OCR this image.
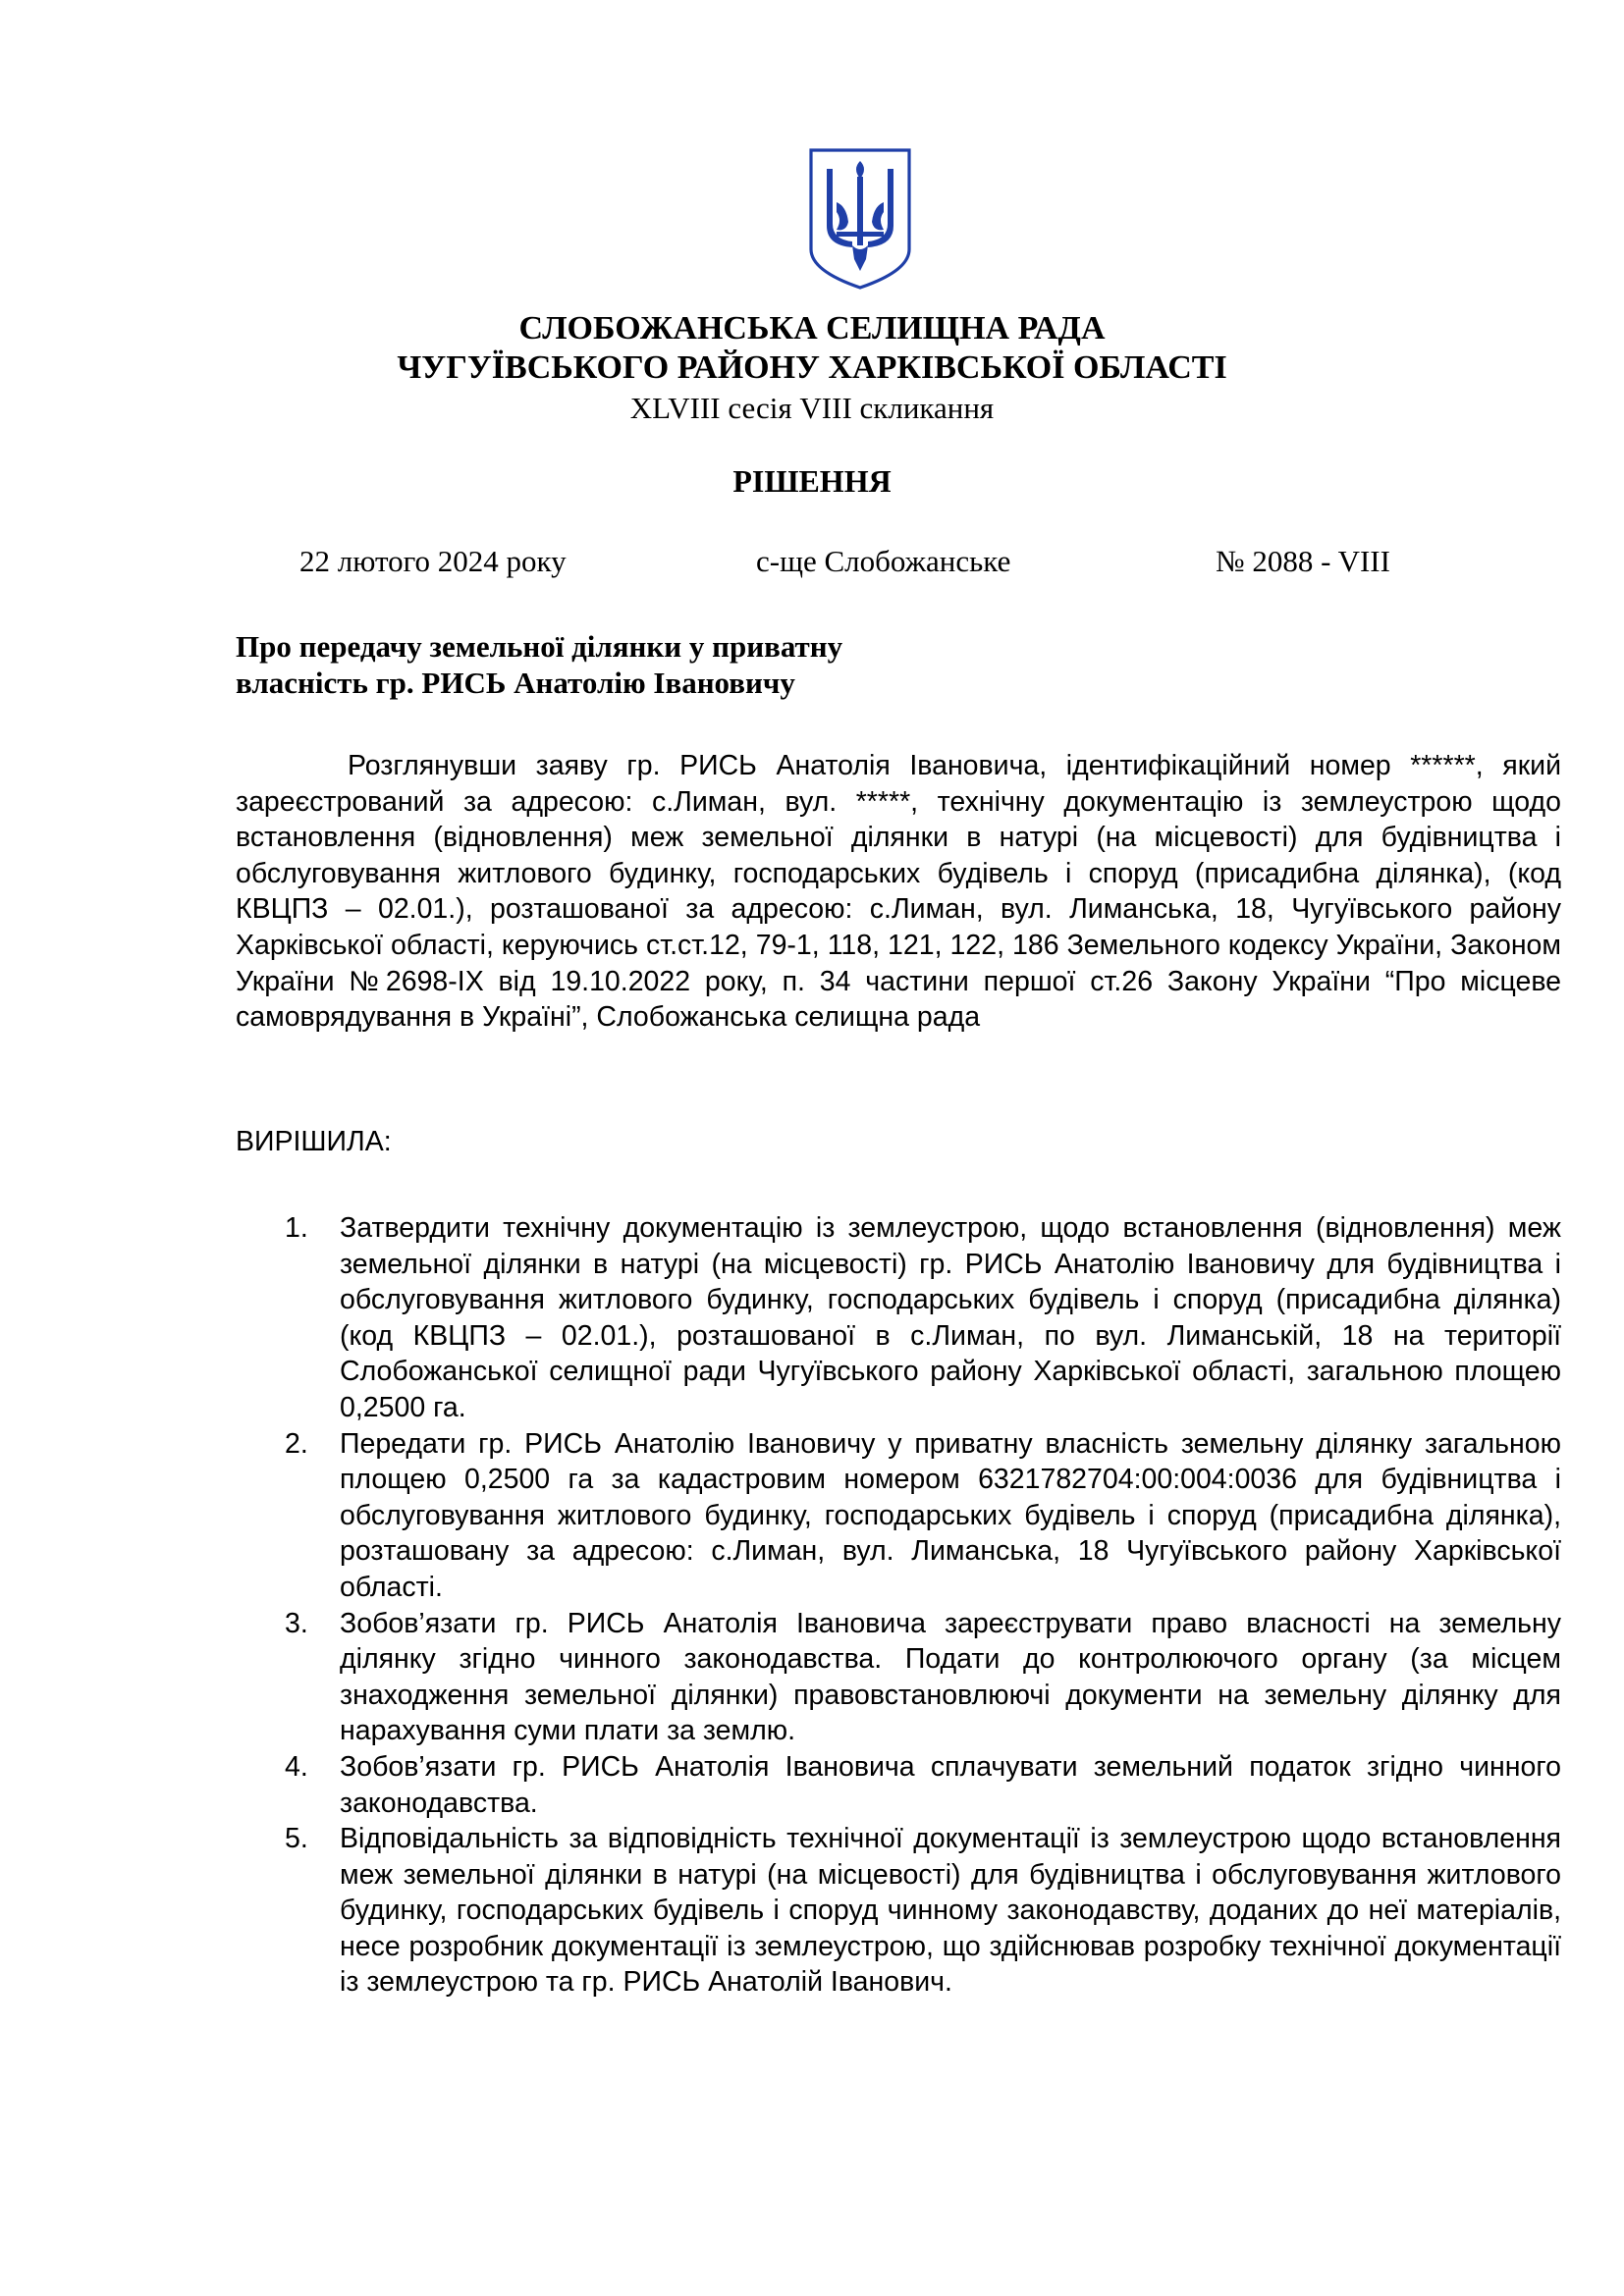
СЛОБОЖАНСЬКА СЕЛИЩНА РАДА
ЧУГУЇВСЬКОГО РАЙОНУ ХАРКІВСЬКОЇ ОБЛАСТІ
XLVIII сесія VIII скликання
РІШЕННЯ
22 лютого 2024 року	с-ще Слобожанське	№ 2088 - VIII
Про передачу земельної ділянки у приватну
власність гр. РИСЬ Анатолію Івановичу

Розглянувши заяву гр. РИСЬ Анатолія Івановича, ідентифікаційний номер ******, який зареєстрований за адресою: с.Лиман, вул. *****, технічну документацію із землеустрою щодо встановлення (відновлення) меж земельної ділянки в натурі (на місцевості) для будівництва і обслуговування житлового будинку, господарських будівель і споруд (присадибна ділянка), (код КВЦПЗ – 02.01.), розташованої за адресою: с.Лиман, вул. Лиманська, 18, Чугуївського району Харківської області, керуючись ст.ст.12, 79-1, 118, 121, 122, 186 Земельного кодексу України, Законом України №2698-ІХ від 19.10.2022 року, п. 34 частини першої ст.26 Закону України “Про місцеве самоврядування в Україні”, Слобожанська селищна рада

ВИРІШИЛА:
1. Затвердити технічну документацію із землеустрою, щодо встановлення (відновлення) меж земельної ділянки в натурі (на місцевості) гр. РИСЬ Анатолію Івановичу для будівництва і обслуговування житлового будинку, господарських будівель і споруд (присадибна ділянка) (код КВЦПЗ – 02.01.), розташованої в с.Лиман, по вул. Лиманській, 18 на території Слобожанської селищної ради Чугуївського району Харківської області, загальною площею 0,2500 га.
2. Передати гр. РИСЬ Анатолію Івановичу у приватну власність земельну ділянку загальною площею 0,2500 га за кадастровим номером 6321782704:00:004:0036 для будівництва і обслуговування житлового будинку, господарських будівель і споруд (присадибна ділянка), розташовану за адресою: с.Лиман, вул. Лиманська, 18 Чугуївського району Харківської області.
3. Зобов’язати гр. РИСЬ Анатолія Івановича зареєструвати право власності на земельну ділянку згідно чинного законодавства. Подати до контролюючого органу (за місцем знаходження земельної ділянки) правовстановлюючі документи на земельну ділянку для нарахування суми плати за землю.
4. Зобов’язати гр. РИСЬ Анатолія Івановича сплачувати земельний податок згідно чинного законодавства.
5. Відповідальність за відповідність технічної документації із землеустрою щодо встановлення меж земельної ділянки в натурі (на місцевості) для будівництва і обслуговування житлового будинку, господарських будівель і споруд чинному законодавству, доданих до неї матеріалів, несе розробник документації із землеустрою, що здійснював розробку технічної документації із землеустрою та гр. РИСЬ Анатолій Іванович.
